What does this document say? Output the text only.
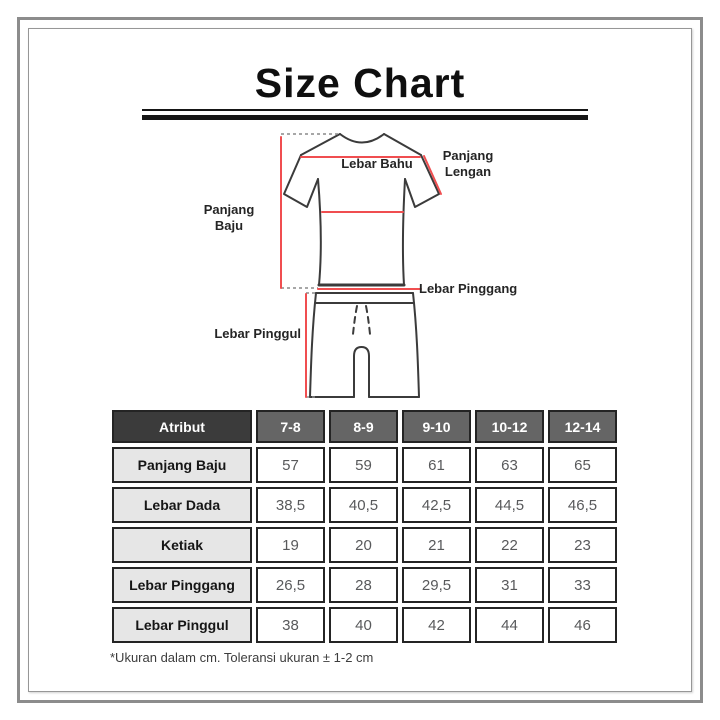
Size Chart
Lebar Bahu
Panjang
Lengan
Panjang Baju
Lebar Pinggang
Lebar Pinggul
Atribut	7-8	8-9	9-10	10-12	12-14
Panjang Baju	57	59	61	63	65
Lebar Dada	38,5	40,5	42,5	44,5	46,5
Ketiak	19	20	21	22	23
Lebar Pinggang	26,5	28	29,5	31	33
Lebar Pinggul	38	40	42	44	46
*Ukuran dalam cm. Toleransi ukuran ± 1-2 cm
